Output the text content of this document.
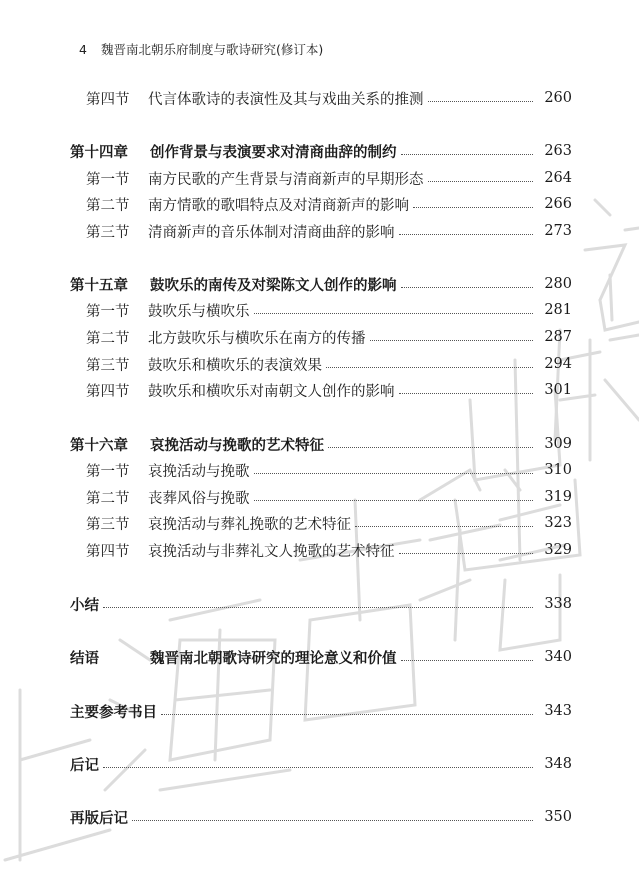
4 魏晋南北朝乐府制度与歌诗研究(修订本)
第四节 代言体歌诗的表演性及其与戏曲关系的推测	260
第十四章 创作背景与表演要求对清商曲辞的制约	263
第一节 南方民歌的产生背景与清商新声的早期形态	264
第二节 南方情歌的歌唱特点及对清商新声的影响	266
第三节 清商新声的音乐体制对清商曲辞的影响	273
第十五章 鼓吹乐的南传及对梁陈文人创作的影响	280
第一节 鼓吹乐与横吹乐	281
第二节 北方鼓吹乐与横吹乐在南方的传播	287
第三节 鼓吹乐和横吹乐的表演效果	294
第四节 鼓吹乐和横吹乐对南朝文人创作的影响	301
第十六章 哀挽活动与挽歌的艺术特征	309
第一节 哀挽活动与挽歌	310
第二节 丧葬风俗与挽歌	319
第三节 哀挽活动与葬礼挽歌的艺术特征	323
第四节 哀挽活动与非葬礼文人挽歌的艺术特征	329
小结	338
结语	魏晋南北朝歌诗研究的理论意义和价值	340
主要参考书目	343
后记	348
再版后记	350
